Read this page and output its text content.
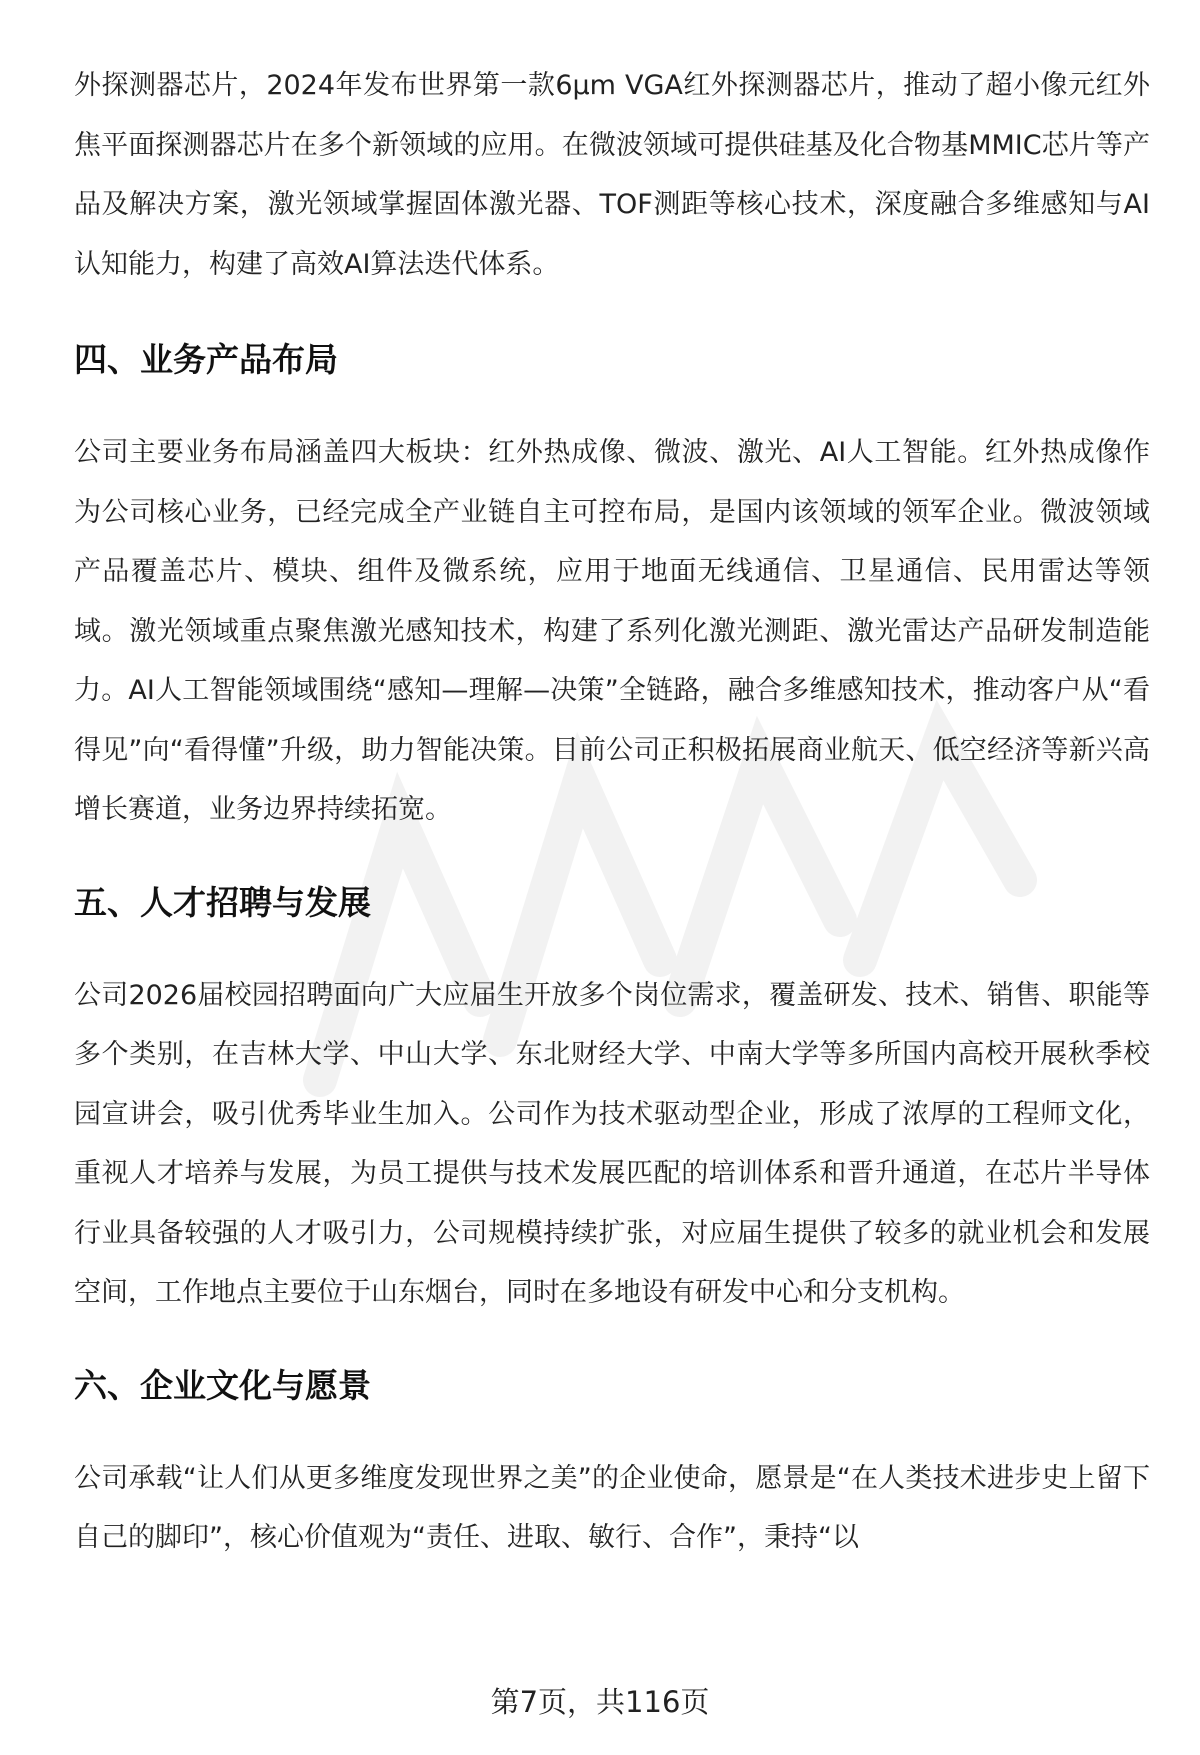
外探测器芯片，2024年发布世界第一款6μm VGA红外探测器芯片，推动了超小像元红外焦平面探测器芯片在多个新领域的应用。在微波领域可提供硅基及化合物基MMIC芯片等产品及解决方案，激光领域掌握固体激光器、TOF测距等核心技术，深度融合多维感知与AI认知能力，构建了高效AI算法迭代体系。

四、业务产品布局

公司主要业务布局涵盖四大板块：红外热成像、微波、激光、AI人工智能。红外热成像作为公司核心业务，已经完成全产业链自主可控布局，是国内该领域的领军企业。微波领域产品覆盖芯片、模块、组件及微系统，应用于地面无线通信、卫星通信、民用雷达等领域。激光领域重点聚焦激光感知技术，构建了系列化激光测距、激光雷达产品研发制造能力。AI人工智能领域围绕“感知—理解—决策”全链路，融合多维感知技术，推动客户从“看得见”向“看得懂”升级，助力智能决策。目前公司正积极拓展商业航天、低空经济等新兴高增长赛道，业务边界持续拓宽。

五、人才招聘与发展

公司2026届校园招聘面向广大应届生开放多个岗位需求，覆盖研发、技术、销售、职能等多个类别，在吉林大学、中山大学、东北财经大学、中南大学等多所国内高校开展秋季校园宣讲会，吸引优秀毕业生加入。公司作为技术驱动型企业，形成了浓厚的工程师文化，重视人才培养与发展，为员工提供与技术发展匹配的培训体系和晋升通道，在芯片半导体行业具备较强的人才吸引力，公司规模持续扩张，对应届生提供了较多的就业机会和发展空间，工作地点主要位于山东烟台，同时在多地设有研发中心和分支机构。

六、企业文化与愿景

公司承载“让人们从更多维度发现世界之美”的企业使命，愿景是“在人类技术进步史上留下自己的脚印”，核心价值观为“责任、进取、敏行、合作”，秉持“以

第7页，共116页
